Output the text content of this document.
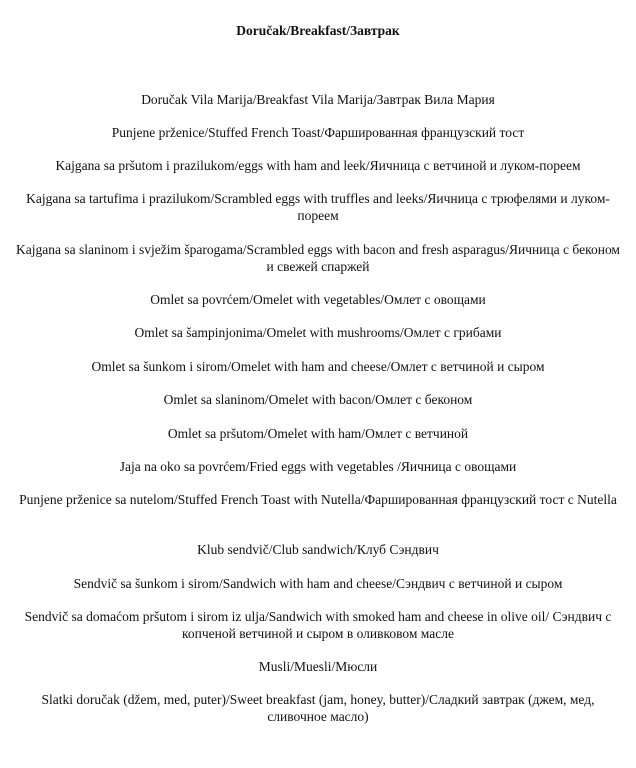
Doručak/Breakfast/Завтрак
Doručak Vila Marija/Breakfast Vila Marija/Завтрак Вила Мария
Punjene prženice/Stuffed French Toast/Фаршированная французский тост
Kajgana sa pršutom i prazilukom/eggs with ham and leek/Яичница с ветчиной и луком-пореем
Kajgana sa tartufima i prazilukom/Scrambled eggs with truffles and leeks/Яичница с трюфелями и луком-пореем
Kajgana sa slaninom i svježim šparogama/Scrambled eggs with bacon and fresh asparagus/Яичница с беконом и свежей спаржей
Omlet sa povrćem/Omelet with vegetables/Омлет с овощами
Omlet sa šampinjonima/Omelet with mushrooms/Омлет с грибами
Omlet sa šunkom i sirom/Omelet with ham and cheese/Омлет с ветчиной и сыром
Omlet sa slaninom/Omelet with bacon/Омлет с беконом
Omlet sa pršutom/Omelet with ham/Омлет с ветчиной
Jaja na oko sa povrćem/Fried eggs with vegetables /Яичница с овощами
Punjene prženice sa nutelom/Stuffed French Toast with Nutella/Фаршированная французский тост с Nutella
Klub sendvič/Club sandwich/Клуб Сэндвич
Sendvič sa šunkom i sirom/Sandwich with ham and cheese/Сэндвич с ветчиной и сыром
Sendvič sa domaćom pršutom i sirom iz ulja/Sandwich with smoked ham and cheese in olive oil/ Сэндвич с копченой ветчиной и сыром в оливковом масле
Musli/Muesli/Мюсли
Slatki doručak (džem, med, puter)/Sweet breakfast (jam, honey, butter)/Сладкий завтрак (джем, мед, сливочное масло)
